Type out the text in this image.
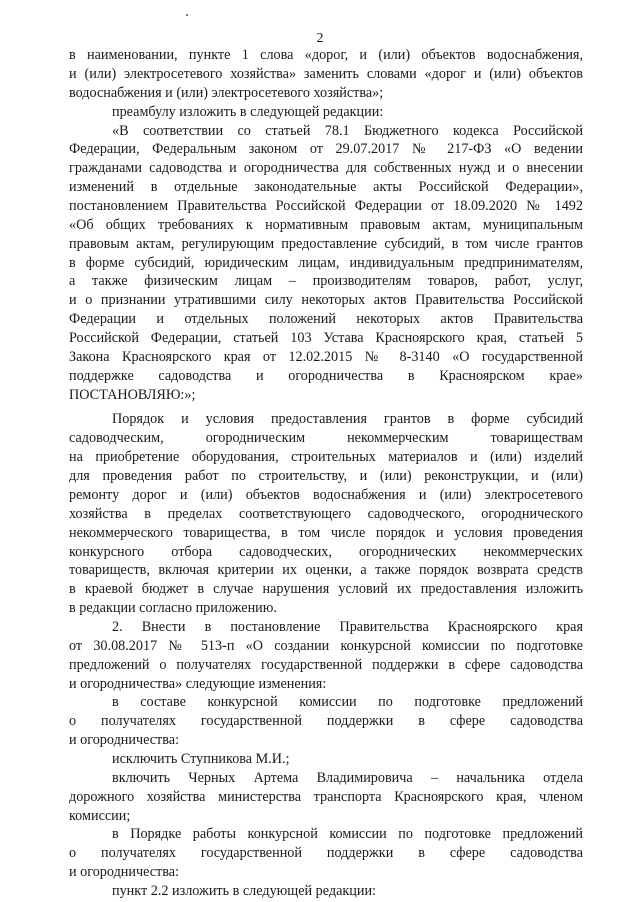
2
в наименовании, пункте 1 слова «дорог, и (или) объектов водоснабжения,
и (или) электросетевого хозяйства» заменить словами «дорог и (или) объектов
водоснабжения и (или) электросетевого хозяйства»;
преамбулу изложить в следующей редакции:
«В соответствии со статьей 78.1 Бюджетного кодекса Российской
Федерации, Федеральным законом от 29.07.2017 № 217-ФЗ «О ведении
гражданами садоводства и огородничества для собственных нужд и о внесении
изменений в отдельные законодательные акты Российской Федерации»,
постановлением Правительства Российской Федерации от 18.09.2020 № 1492
«Об общих требованиях к нормативным правовым актам, муниципальным
правовым актам, регулирующим предоставление субсидий, в том числе грантов
в форме субсидий, юридическим лицам, индивидуальным предпринимателям,
а также физическим лицам – производителям товаров, работ, услуг,
и о признании утратившими силу некоторых актов Правительства Российской
Федерации и отдельных положений некоторых актов Правительства
Российской Федерации, статьей 103 Устава Красноярского края, статьей 5
Закона Красноярского края от 12.02.2015 № 8-3140 «О государственной
поддержке садоводства и огородничества в Красноярском крае»
ПОСТАНОВЛЯЮ:»;
Порядок и условия предоставления грантов в форме субсидий
садоводческим, огородническим некоммерческим товариществам
на приобретение оборудования, строительных материалов и (или) изделий
для проведения работ по строительству, и (или) реконструкции, и (или)
ремонту дорог и (или) объектов водоснабжения и (или) электросетевого
хозяйства в пределах соответствующего садоводческого, огороднического
некоммерческого товарищества, в том числе порядок и условия проведения
конкурсного отбора садоводческих, огороднических некоммерческих
товариществ, включая критерии их оценки, а также порядок возврата средств
в краевой бюджет в случае нарушения условий их предоставления изложить
в редакции согласно приложению.
2. Внести в постановление Правительства Красноярского края
от 30.08.2017 № 513-п «О создании конкурсной комиссии по подготовке
предложений о получателях государственной поддержки в сфере садоводства
и огородничества» следующие изменения:
в составе конкурсной комиссии по подготовке предложений
о получателях государственной поддержки в сфере садоводства
и огородничества:
исключить Ступникова М.И.;
включить Черных Артема Владимировича – начальника отдела
дорожного хозяйства министерства транспорта Красноярского края, членом
комиссии;
в Порядке работы конкурсной комиссии по подготовке предложений
о получателях государственной поддержки в сфере садоводства
и огородничества:
пункт 2.2 изложить в следующей редакции:
